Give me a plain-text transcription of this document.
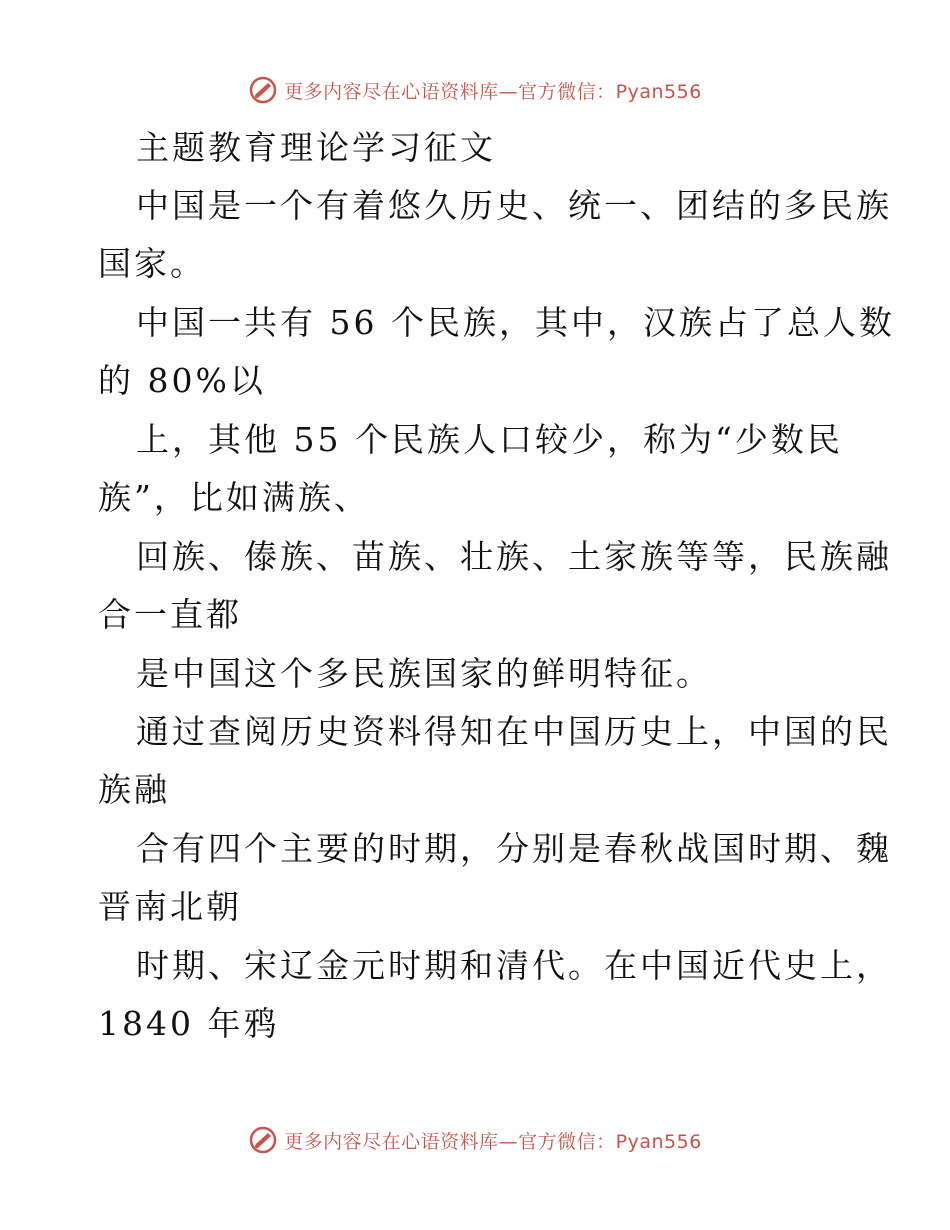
更多内容尽在心语资料库—官方微信：Pyan556
主题教育理论学习征文
中国是一个有着悠久历史、统一、团结的多民族
国家。
中国一共有 56 个民族，其中，汉族占了总人数
的 80%以
上，其他 55 个民族人口较少，称为“少数民
族”，比如满族、
回族、傣族、苗族、壮族、土家族等等，民族融
合一直都
是中国这个多民族国家的鲜明特征。
通过查阅历史资料得知在中国历史上，中国的民
族融
合有四个主要的时期，分别是春秋战国时期、魏
晋南北朝
时期、宋辽金元时期和清代。在中国近代史上，
1840 年鸦
更多内容尽在心语资料库—官方微信：Pyan556
